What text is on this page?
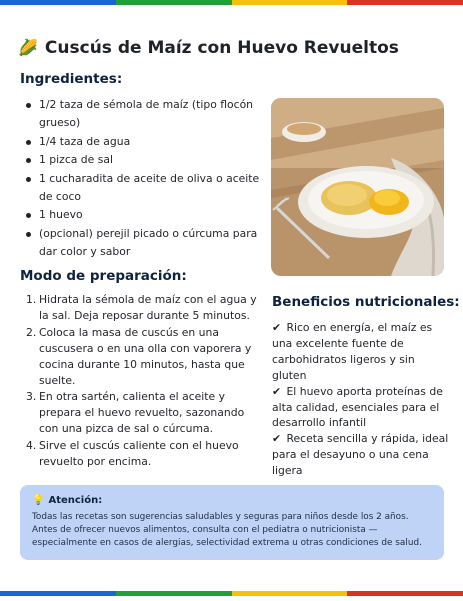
🌽 Cuscús de Maíz con Huevo Revueltos
Ingredientes:
1/2 taza de sémola de maíz (tipo flocón grueso)
1/4 taza de agua
1 pizca de sal
1 cucharadita de aceite de oliva o aceite de coco
1 huevo
(opcional) perejil picado o cúrcuma para dar color y sabor
Modo de preparación:
1. Hidrata la sémola de maíz con el agua y la sal. Deja reposar durante 5 minutos.
2. Coloca la masa de cuscús en una cuscusera o en una olla con vaporera y cocina durante 10 minutos, hasta que suelte.
3. En otra sartén, calienta el aceite y prepara el huevo revuelto, sazonando con una pizca de sal o cúrcuma.
4. Sirve el cuscús caliente con el huevo revuelto por encima.
Beneficios nutricionales:
✔ Rico en energía, el maíz es una excelente fuente de carbohidratos ligeros y sin gluten
✔ El huevo aporta proteínas de alta calidad, esenciales para el desarrollo infantil
✔ Receta sencilla y rápida, ideal para el desayuno o una cena ligera
💡 Atención:
Todas las recetas son sugerencias saludables y seguras para niños desde los 2 años. Antes de ofrecer nuevos alimentos, consulta con el pediatra o nutricionista — especialmente en casos de alergias, selectividad extrema u otras condiciones de salud.
